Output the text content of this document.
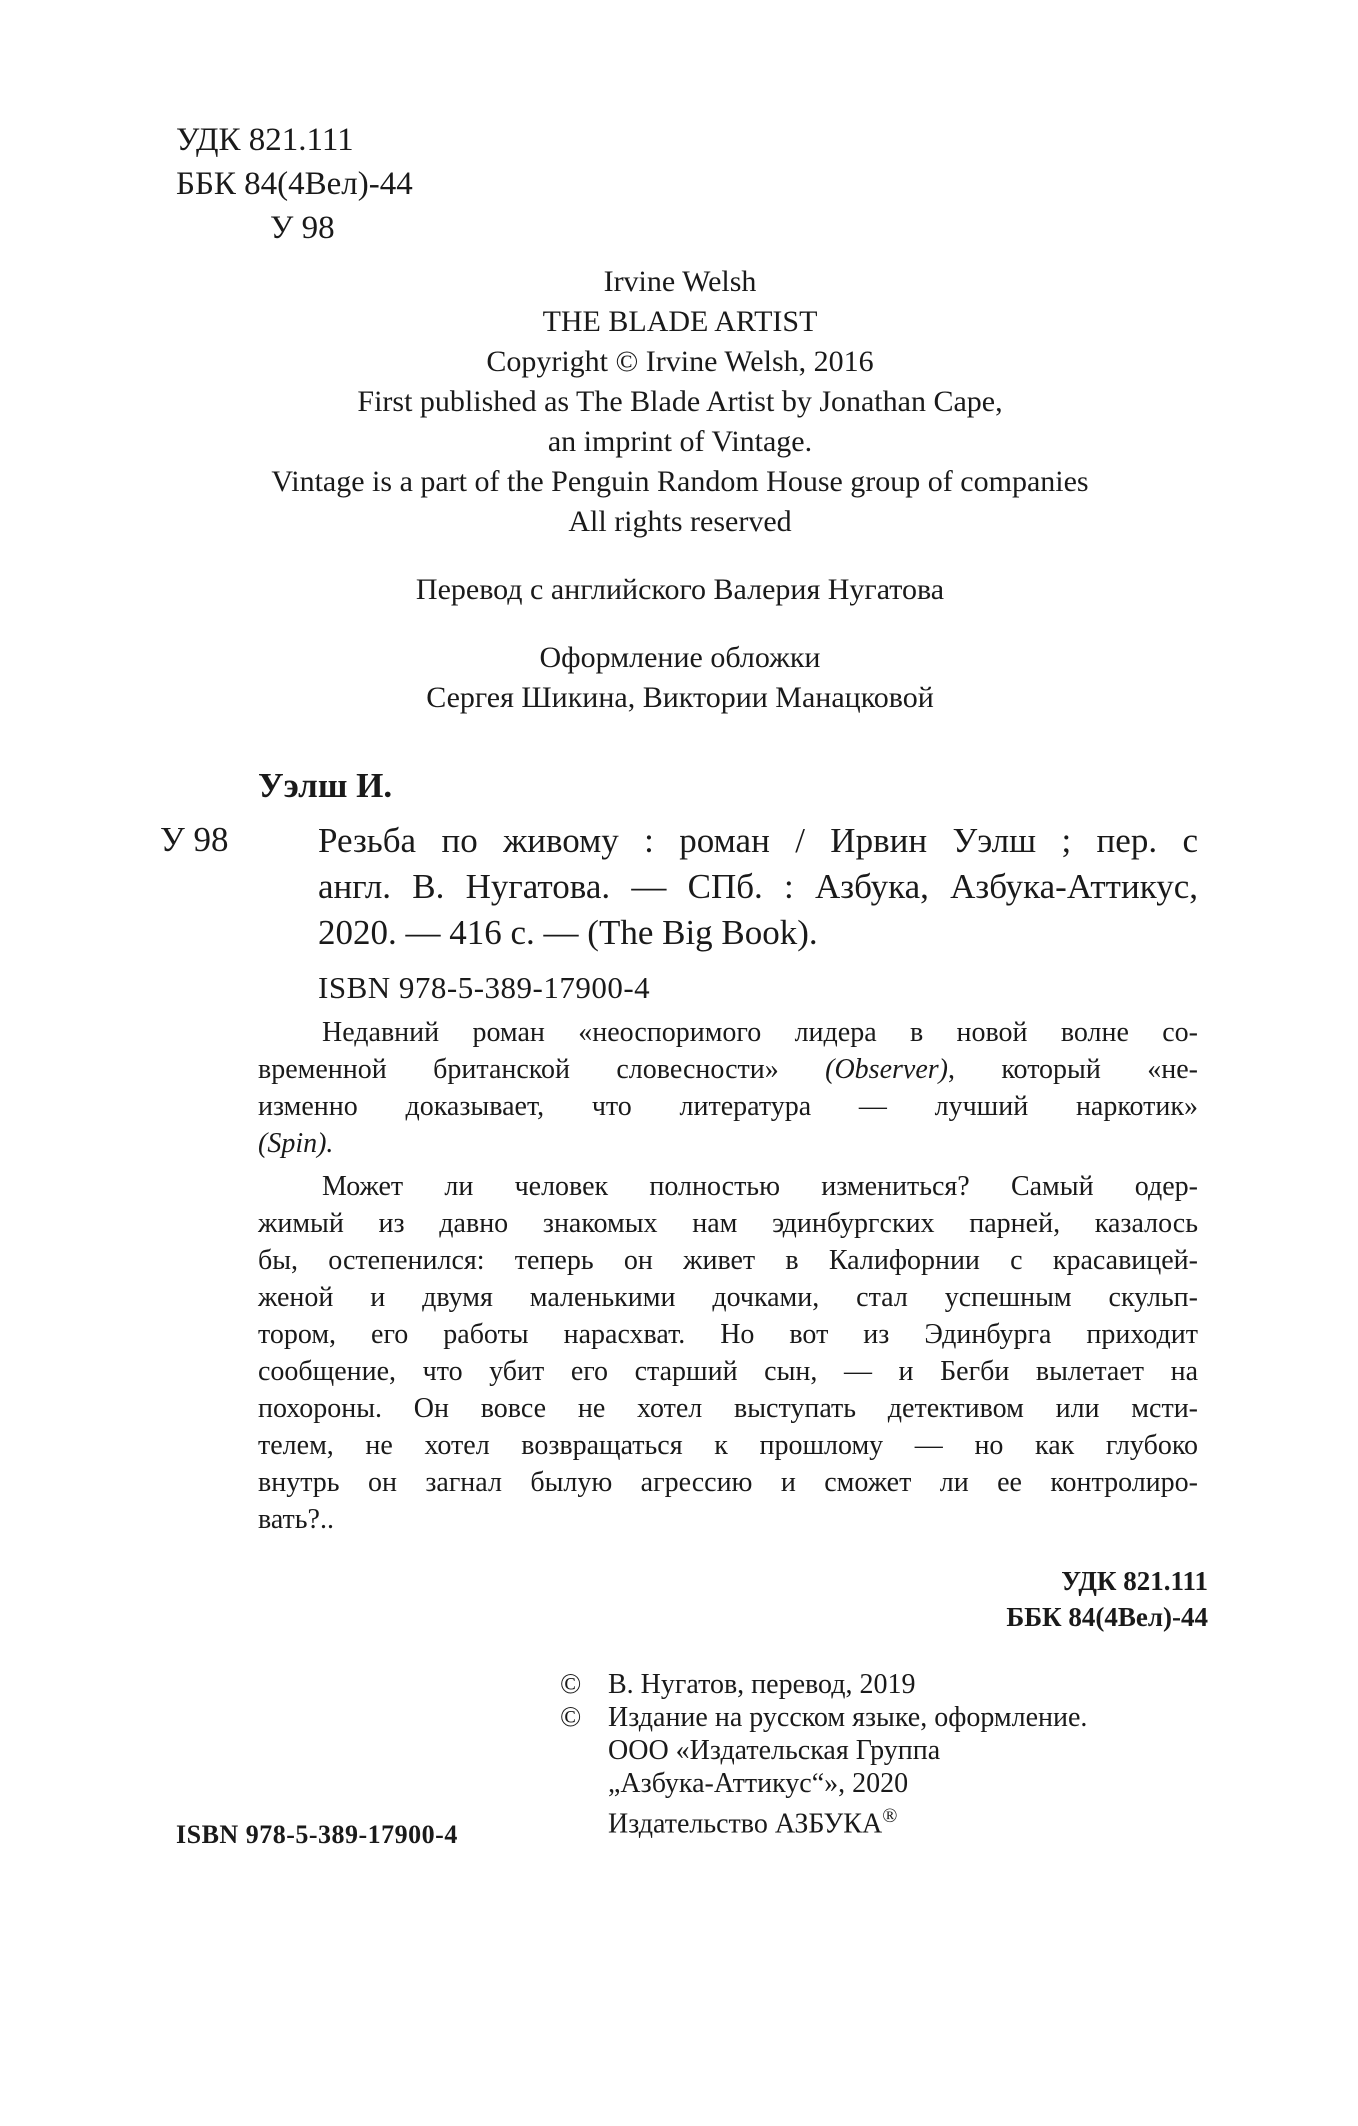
УДК 821.111
ББК 84(4Вел)-44
У 98
Irvine Welsh
THE BLADE ARTIST
Copyright © Irvine Welsh, 2016
First published as The Blade Artist by Jonathan Cape,
an imprint of Vintage.
Vintage is a part of the Penguin Random House group of companies
All rights reserved
Перевод с английского Валерия Нугатова
Оформление обложки
Сергея Шикина, Виктории Манацковой
Уэлш И.
У 98	Резьба по живому : роман / Ирвин Уэлш ; пер. с
англ. В. Нугатова. — СПб. : Азбука, Азбука-Аттикус,
2020. — 416 с. — (The Big Book).
ISBN 978-5-389-17900-4
Недавний роман «неоспоримого лидера в новой волне со-
временной британской словесности» (Observer), который «не-
изменно доказывает, что литература — лучший наркотик»
(Spin).
Может ли человек полностью измениться? Самый одер-
жимый из давно знакомых нам эдинбургских парней, казалось
бы, остепенился: теперь он живет в Калифорнии с красавицей-
женой и двумя маленькими дочками, стал успешным скульп-
тором, его работы нарасхват. Но вот из Эдинбурга приходит
сообщение, что убит его старший сын, — и Бегби вылетает на
похороны. Он вовсе не хотел выступать детективом или мсти-
телем, не хотел возвращаться к прошлому — но как глубоко
внутрь он загнал былую агрессию и сможет ли ее контролиро-
вать?..
УДК 821.111
ББК 84(4Вел)-44
© В. Нугатов, перевод, 2019
© Издание на русском языке, оформление.
ООО «Издательская Группа
„Азбука-Аттикус“», 2020
Издательство АЗБУКА®
ISBN 978-5-389-17900-4
